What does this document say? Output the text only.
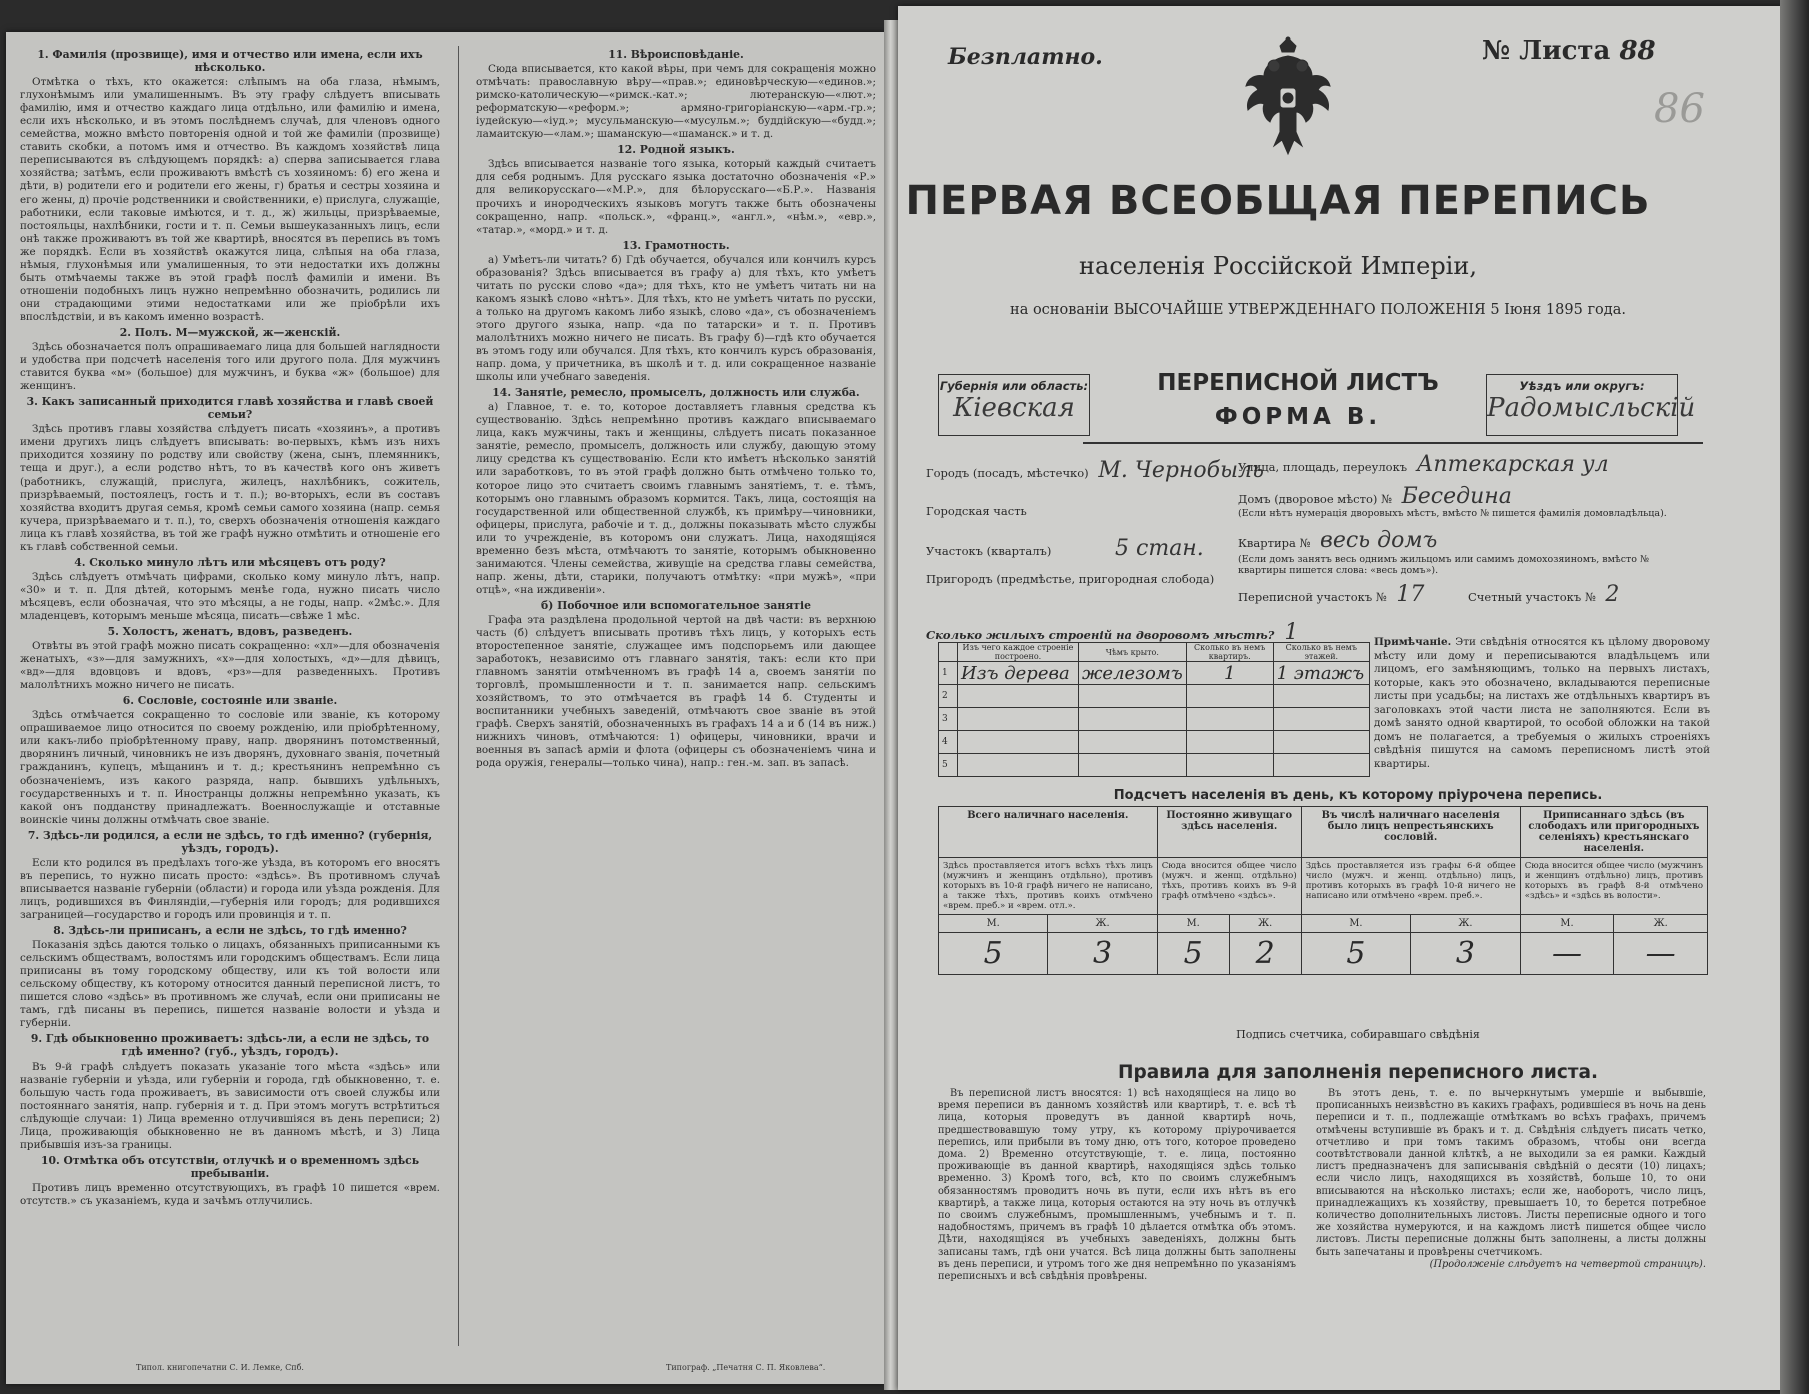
1. Фамилія (прозвище), имя и отчество или имена, если ихъ нѣсколько.

Отмѣтка о тѣхъ, кто окажется: слѣпымъ на оба глаза, нѣмымъ, глухонѣмымъ или умалишеннымъ. Въ эту графу слѣдуетъ вписывать фамилію, имя и отчество каждаго лица отдѣльно, или фамилію и имена, если ихъ нѣсколько, и въ этомъ послѣднемъ случаѣ, для членовъ одного семейства, можно вмѣсто повторенія одной и той же фамиліи (прозвище) ставить скобки, а потомъ имя и отчество. Въ каждомъ хозяйствѣ лица переписываются въ слѣдующемъ порядкѣ: а) сперва записывается глава хозяйства; затѣмъ, если проживаютъ вмѣстѣ съ хозяиномъ: б) его жена и дѣти, в) родители его и родители его жены, г) братья и сестры хозяина и его жены, д) прочіе родственники и свойственники, е) прислуга, служащіе, работники, если таковые имѣются, и т. д., ж) жильцы, призрѣваемые, постояльцы, нахлѣбники, гости и т. п. Семьи вышеуказанныхъ лицъ, если онѣ также проживаютъ въ той же квартирѣ, вносятся въ перепись въ томъ же порядкѣ. Если въ хозяйствѣ окажутся лица, слѣпыя на оба глаза, нѣмыя, глухонѣмыя или умалишенныя, то эти недостатки ихъ должны быть отмѣчаемы также въ этой графѣ послѣ фамиліи и имени. Въ отношеніи подобныхъ лицъ нужно непремѣнно обозначить, родились ли они страдающими этими недостатками или же пріобрѣли ихъ впослѣдствіи, и въ какомъ именно возрастѣ.

2. Полъ. М—мужской, ж—женскій.

Здѣсь обозначается полъ опрашиваемаго лица для большей наглядности и удобства при подсчетѣ населенія того или другого пола. Для мужчинъ ставится буква «м» (большое) для мужчинъ, и буква «ж» (большое) для женщинъ.

3. Какъ записанный приходится главѣ хозяйства и главѣ своей семьи?

Здѣсь противъ главы хозяйства слѣдуетъ писать «хозяинъ», а противъ имени другихъ лицъ слѣдуетъ вписывать: во-первыхъ, кѣмъ изъ нихъ приходится хозяину по родству или свойству (жена, сынъ, племянникъ, теща и друг.), а если родство нѣтъ, то въ качествѣ кого онъ живетъ (работникъ, служащій, прислуга, жилецъ, нахлѣбникъ, сожитель, призрѣваемый, постоялецъ, гость и т. п.); во-вторыхъ, если въ составъ хозяйства входитъ другая семья, кромѣ семьи самого хозяина (напр. семья кучера, призрѣваемаго и т. п.), то, сверхъ обозначенія отношенія каждаго лица къ главѣ хозяйства, въ той же графѣ нужно отмѣтить и отношеніе его къ главѣ собственной семьи.

4. Сколько минуло лѣтъ или мѣсяцевъ отъ роду?

Здѣсь слѣдуетъ отмѣчать цифрами, сколько кому минуло лѣтъ, напр. «30» и т. п. Для дѣтей, которымъ менѣе года, нужно писать число мѣсяцевъ, если обозначая, что это мѣсяцы, а не годы, напр. «2мѣс.». Для младенцевъ, которымъ меньше мѣсяца, писать—свѣже 1 мѣс.

5. Холостъ, женатъ, вдовъ, разведенъ.

Отвѣты въ этой графѣ можно писать сокращенно: «хл»—для обозначенія женатыхъ, «з»—для замужнихъ, «х»—для холостыхъ, «д»—для дѣвицъ, «вд»—для вдовцовъ и вдовъ, «рз»—для разведенныхъ. Противъ малолѣтнихъ можно ничего не писать.

6. Сословіе, состояніе или званіе.

Здѣсь отмѣчается сокращенно то сословіе или званіе, къ которому опрашиваемое лицо относится по своему рожденію, или пріобрѣтенному, или какъ-либо пріобрѣтенному праву, напр. дворянинъ потомственный, дворянинъ личный, чиновникъ не изъ дворянъ, духовнаго званія, почетный гражданинъ, купецъ, мѣщанинъ и т. д.; крестьянинъ непремѣнно съ обозначеніемъ, изъ какого разряда, напр. бывшихъ удѣльныхъ, государственныхъ и т. п. Иностранцы должны непремѣнно указать, къ какой онъ подданству принадлежатъ. Военнослужащіе и отставные воинскіе чины должны отмѣчать свое званіе.

7. Здѣсь-ли родился, а если не здѣсь, то гдѣ именно? (губернія, уѣздъ, городъ).

Если кто родился въ предѣлахъ того-же уѣзда, въ которомъ его вносятъ въ перепись, то нужно писать просто: «здѣсь». Въ противномъ случаѣ вписывается названіе губерніи (области) и города или уѣзда рожденія. Для лицъ, родившихся въ Финляндіи,—губернія или городъ; для родившихся заграницей—государство и городъ или провинція и т. п.

8. Здѣсь-ли приписанъ, а если не здѣсь, то гдѣ именно?

Показанія здѣсь даются только о лицахъ, обязанныхъ приписанными къ сельскимъ обществамъ, волостямъ или городскимъ обществамъ. Если лица приписаны въ тому городскому обществу, или къ той волости или сельскому обществу, къ которому относится данный переписной листъ, то пишется слово «здѣсь» въ противномъ же случаѣ, если они приписаны не тамъ, гдѣ писаны въ перепись, пишется названіе волости и уѣзда и губерніи.

9. Гдѣ обыкновенно проживаетъ: здѣсь-ли, а если не здѣсь, то гдѣ именно? (губ., уѣздъ, городъ).

Въ 9-й графѣ слѣдуетъ показать указаніе того мѣста «здѣсь» или названіе губерніи и уѣзда, или губерніи и города, гдѣ обыкновенно, т. е. большую часть года проживаетъ, въ зависимости отъ своей службы или постояннаго занятія, напр. губернія и т. д. При этомъ могутъ встрѣтиться слѣдующіе случаи: 1) Лица временно отлучившіяся въ день переписи; 2) Лица, проживающія обыкновенно не въ данномъ мѣстѣ, и 3) Лица прибывшія изъ-за границы.

10. Отмѣтка объ отсутствіи, отлучкѣ и о временномъ здѣсь пребываніи.

Противъ лицъ временно отсутствующихъ, въ графѣ 10 пишется «врем. отсутств.» съ указаніемъ, куда и зачѣмъ отлучились.

11. Вѣроисповѣданіе.

Сюда вписывается, кто какой вѣры, при чемъ для сокращенія можно отмѣчать: православную вѣру—«прав.»; единовѣрческую—«единов.»; римско-католическую—«римск.-кат.»; лютеранскую—«лют.»; реформатскую—«реформ.»; армяно-григоріанскую—«арм.-гр.»; іудейскую—«іуд.»; мусульманскую—«мусульм.»; буддійскую—«будд.»; ламаитскую—«лам.»; шаманскую—«шаманск.» и т. д.

12. Родной языкъ.

Здѣсь вписывается названіе того языка, который каждый считаетъ для себя роднымъ. Для русскаго языка достаточно обозначенія «Р.» для великорусскаго—«М.Р.», для бѣлорусскаго—«Б.Р.». Названія прочихъ и инородческихъ языковъ могутъ также быть обозначены сокращенно, напр. «польск.», «франц.», «англ.», «нѣм.», «евр.», «татар.», «морд.» и т. д.

13. Грамотность.

а) Умѣетъ-ли читать? б) Гдѣ обучается, обучался или кончилъ курсъ образованія? Здѣсь вписывается въ графу а) для тѣхъ, кто умѣетъ читать по русски слово «да»; для тѣхъ, кто не умѣетъ читать ни на какомъ языкѣ слово «нѣтъ». Для тѣхъ, кто не умѣетъ читать по русски, а только на другомъ какомъ либо языкѣ, слово «да», съ обозначеніемъ этого другого языка, напр. «да по татарски» и т. п. Противъ малолѣтнихъ можно ничего не писать. Въ графу б)—гдѣ кто обучается въ этомъ году или обучался. Для тѣхъ, кто кончилъ курсъ образованія, напр. дома, у причетника, въ школѣ и т. д. или сокращенное названіе школы или учебнаго заведенія.

14. Занятіе, ремесло, промыселъ, должность или служба.

а) Главное, т. е. то, которое доставляетъ главныя средства къ существованію. Здѣсь непремѣнно противъ каждаго вписываемаго лица, какъ мужчины, такъ и женщины, слѣдуетъ писать показанное занятіе, ремесло, промыселъ, должность или службу, дающую этому лицу средства къ существованію. Если кто имѣетъ нѣсколько занятій или заработковъ, то въ этой графѣ должно быть отмѣчено только то, которое лицо это считаетъ своимъ главнымъ занятіемъ, т. е. тѣмъ, которымъ оно главнымъ образомъ кормится. Такъ, лица, состоящія на государственной или общественной службѣ, къ примѣру—чиновники, офицеры, прислуга, рабочіе и т. д., должны показывать мѣсто службы или то учрежденіе, въ которомъ они служатъ. Лица, находящіяся временно безъ мѣста, отмѣчаютъ то занятіе, которымъ обыкновенно занимаются. Члены семейства, живущіе на средства главы семейства, напр. жены, дѣти, старики, получаютъ отмѣтку: «при мужѣ», «при отцѣ», «на иждивеніи».

б) Побочное или вспомогательное занятіе

Графа эта раздѣлена продольной чертой на двѣ части: въ верхнюю часть (б) слѣдуетъ вписывать противъ тѣхъ лицъ, у которыхъ есть второстепенное занятіе, служащее имъ подспорьемъ или дающее заработокъ, независимо отъ главнаго занятія, такъ: если кто при главномъ занятіи отмѣченномъ въ графѣ 14 а, своемъ занятіи по торговлѣ, промышленности и т. п. занимается напр. сельскимъ хозяйствомъ, то это отмѣчается въ графѣ 14 б. Студенты и воспитанники учебныхъ заведеній, отмѣчаютъ свое званіе въ этой графѣ. Сверхъ занятій, обозначенныхъ въ графахъ 14 а и б (14 въ ниж.) нижнихъ чиновъ, отмѣчаются: 1) офицеры, чиновники, врачи и военныя въ запасѣ армiи и флота (офицеры съ обозначеніемъ чина и рода оружія, генералы—только чина), напр.: ген.-м. зап. въ запасѣ.

Типол. книгопечатни С. И. Лемке, Спб.	Типограф. „Печатня С. П. Яковлева“.
Безплатно.	№ Листа 88
86
ПЕРВАЯ ВСЕОБЩАЯ ПЕРЕПИСЬ
населенія Россійской Имперіи,
на основаніи ВЫСОЧАЙШЕ УТВЕРЖДЕННАГО ПОЛОЖЕНІЯ 5 Іюня 1895 года.
Губернія или область:
Кiевская
ПЕРЕПИСНОЙ ЛИСТЪ
ФОРМА В.
Уѣздъ или округъ:
Радомысльскiй
Городъ (посадъ, мѣстечко) М. Чернобыль
Городская часть
Участокъ (кварталъ)	5 стан.
Пригородъ (предмѣстье, пригородная слобода)
Улица, площадь, переулокъ Аптекарская ул
Домъ (дворовое мѣсто) № Беседина
(Если нѣтъ нумерація дворовыхъ мѣстъ, вмѣсто № пишется фамилія домовладѣльца).
Квартира № весь домъ
(Если домъ занятъ весь однимъ жильцомъ или самимъ домохозяиномъ, вмѣсто № квартиры пишется слова: «весь домъ»).
Переписной участокъ № 17	Счетный участокъ № 2
Сколько жилыхъ строеній на дворовомъ мѣстѣ? 1
	Изъ чего каждое строеніе построено.	Чѣмъ крыто.	Сколько въ немъ квартиръ.	Сколько въ немъ этажей.
1	Изъ дерева	железомъ	1	1 этажъ
2				
3				
4				
5				
Примѣчаніе. Эти свѣдѣнія относятся къ цѣлому дворовому мѣсту или дому и переписываются владѣльцемъ или лицомъ, его замѣняющимъ, только на первыхъ листахъ, которые, какъ это обозначено, вкладываются переписные листы при усадьбы; на листахъ же отдѣльныхъ квартиръ въ заголовкахъ этой части листа не заполняются. Если въ домѣ занято одной квартирой, то особой обложки на такой домъ не полагается, а требуемыя о жилыхъ строеніяхъ свѣдѣнія пишутся на самомъ переписномъ листѣ этой квартиры.
Подсчетъ населенія въ день, къ которому пріурочена перепись.
Всего наличнаго населенія.		Постоянно живущаго здѣсь населенія.		Въ числѣ наличнаго населенія было лицъ непрестьянскихъ сословій.		Приписаннаго здѣсь (въ слободахъ или пригородныхъ селеніяхъ) крестьянскаго населенія.	
Здѣсь проставляется итогъ всѣхъ тѣхъ лицъ (мужчинъ и женщинъ отдѣльно), противъ которыхъ въ 10-й графѣ ничего не написано, а также тѣхъ, противъ коихъ отмѣчено «врем. преб.» и «врем. отл.».		Сюда вносится общее число (мужч. и женщ. отдѣльно) тѣхъ, противъ коихъ въ 9-й графѣ отмѣчено «здѣсь».		Здѣсь проставляется изъ графы 6-й общее число (мужч. и женщ. отдѣльно) лицъ, противъ которыхъ въ графѣ 10-й ничего не написано или отмѣчено «врем. преб.».		Сюда вносится общее число (мужчинъ и женщинъ отдѣльно) лицъ, противъ которыхъ въ графѣ 8-й отмѣчено «здѣсь» и «здѣсь въ волости».	
М.	Ж.	М.	Ж.	М.	Ж.	М.	Ж.
5	3	5	2	5	3	—	—
Подпись счетчика, собиравшаго свѣдѣнія
Правила для заполненія переписного листа.

Въ переписной листъ вносятся: 1) всѣ находящіеся на лицо во время переписи въ данномъ хозяйствѣ или квартирѣ, т. е. всѣ тѣ лица, которыя проведутъ въ данной квартирѣ ночь, предшествовавшую тому утру, къ которому пріурочивается перепись, или прибыли въ тому дню, отъ того, которое проведено дома. 2) Временно отсутствующіе, т. е. лица, постоянно проживающіе въ данной квартирѣ, находящіяся здѣсь только временно. 3) Кромѣ того, всѣ, кто по своимъ служебнымъ обязанностямъ проводитъ ночь въ пути, если ихъ нѣтъ въ его квартирѣ, а также лица, которыя остаются на эту ночь въ отлучкѣ по своимъ служебнымъ, промышленнымъ, учебнымъ и т. п. надобностямъ, причемъ въ графѣ 10 дѣлается отмѣтка объ этомъ. Дѣти, находящіяся въ учебныхъ заведеніяхъ, должны быть записаны тамъ, гдѣ они учатся. Всѣ лица должны быть заполнены въ день переписи, и утромъ того же дня непремѣнно по указаніямъ переписныхъ и всѣ свѣдѣнія провѣрены.

Въ этотъ день, т. е. по вычеркнутымъ умершіе и выбывшіе, прописанныхъ неизвѣстно въ какихъ графахъ, родившіеся въ ночь на день переписи и т. п., подлежащіе отмѣткамъ во всѣхъ графахъ, причемъ отмѣчены вступившіе въ бракъ и т. д. Свѣдѣнія слѣдуетъ писать четко, отчетливо и при томъ такимъ образомъ, чтобы они всегда соотвѣтствовали данной клѣткѣ, а не выходили за ея рамки. Каждый листъ предназначенъ для записыванія свѣдѣній о десяти (10) лицахъ; если число лицъ, находящихся въ хозяйствѣ, больше 10, то они вписываются на нѣсколько листахъ; если же, наоборотъ, число лицъ, принадлежащихъ къ хозяйству, превышаетъ 10, то берется потребное количество дополнительныхъ листовъ. Листы переписные одного и того же хозяйства нумеруются, и на каждомъ листѣ пишется общее число листовъ. Листы переписные должны быть заполнены, а листы должны быть запечатаны и провѣрены счетчикомъ.

(Продолженіе слѣдуетъ на четвертой страницѣ).
